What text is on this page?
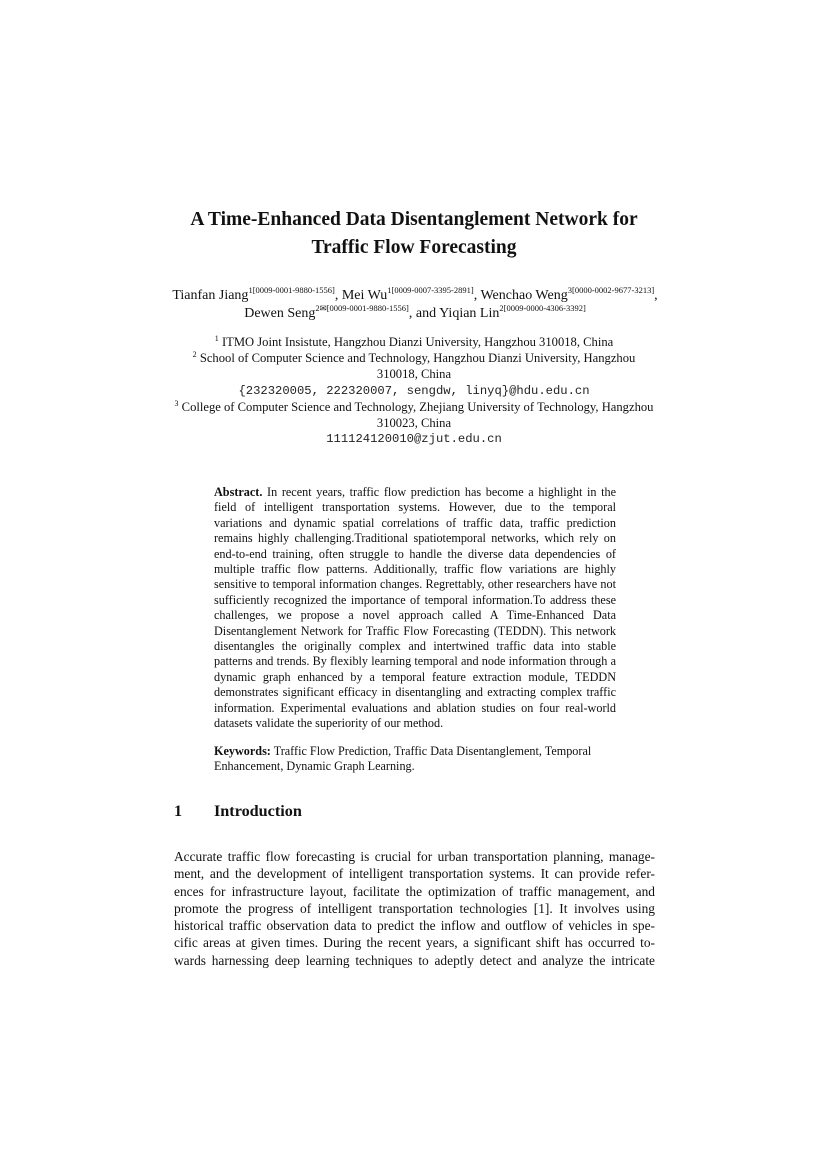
A Time-Enhanced Data Disentanglement Network for
Traffic Flow Forecasting
Tianfan Jiang$^{1[0009-0001-9880-1556]}$, Mei $Wu^{1[0009-0007-3395-2891]}$, Wenchao Weng$^{3[0000-0002-9677-3213]}$, Dewen Seng$^{2✉[0009-0001-9880-1556]}$, and Yiqian Lin$^{2[0009-0000-4306-3392]}$
$^1$ ITMO Joint Insistute, Hangzhou Dianzi University, Hangzhou 310018, China
$^2$ School of Computer Science and Technology, Hangzhou Dianzi University, Hangzhou
310018, China
{232320005, 222320007, sengdw, linyq}@hdu.edu.cn
$^3$ College of Computer Science and Technology, Zhejiang University of Technology, Hangzhou
310023, China
111124120010@zjut.edu.cn

Abstract. In recent years, traffic flow prediction has become a highlight in the field of intelligent transportation systems. However, due to the temporal variations and dynamic spatial correlations of traffic data, traffic prediction remains highly challenging.Traditional spatiotemporal networks, which rely on end-to-end training, often struggle to handle the diverse data dependencies of multiple traffic flow patterns. Additionally, traffic flow variations are highly sensitive to temporal information changes. Regrettably, other researchers have not sufficiently recognized the importance of temporal information.To address these challenges, we propose a novel approach called A Time-Enhanced Data Disentanglement Network for Traffic Flow Forecasting (TEDDN). This network disentangles the originally complex and intertwined traffic data into stable patterns and trends. By flexibly learning temporal and node information through a dynamic graph enhanced by a temporal feature extraction module, TEDDN demonstrates significant efficacy in disentangling and extracting complex traffic information. Experimental evaluations and ablation studies on four real-world datasets validate the superiority of our method.

Keywords: Traffic Flow Prediction, Traffic Data Disentanglement, Temporal Enhancement, Dynamic Graph Learning.

1 Introduction
Accurate traffic flow forecasting is crucial for urban transportation planning, manage-
ment, and the development of intelligent transportation systems. It can provide refer-
ences for infrastructure layout, facilitate the optimization of traffic management, and
promote the progress of intelligent transportation technologies [1]. It involves using
historical traffic observation data to predict the inflow and outflow of vehicles in spe-
cific areas at given times. During the recent years, a significant shift has occurred to-
wards harnessing deep learning techniques to adeptly detect and analyze the intricate
